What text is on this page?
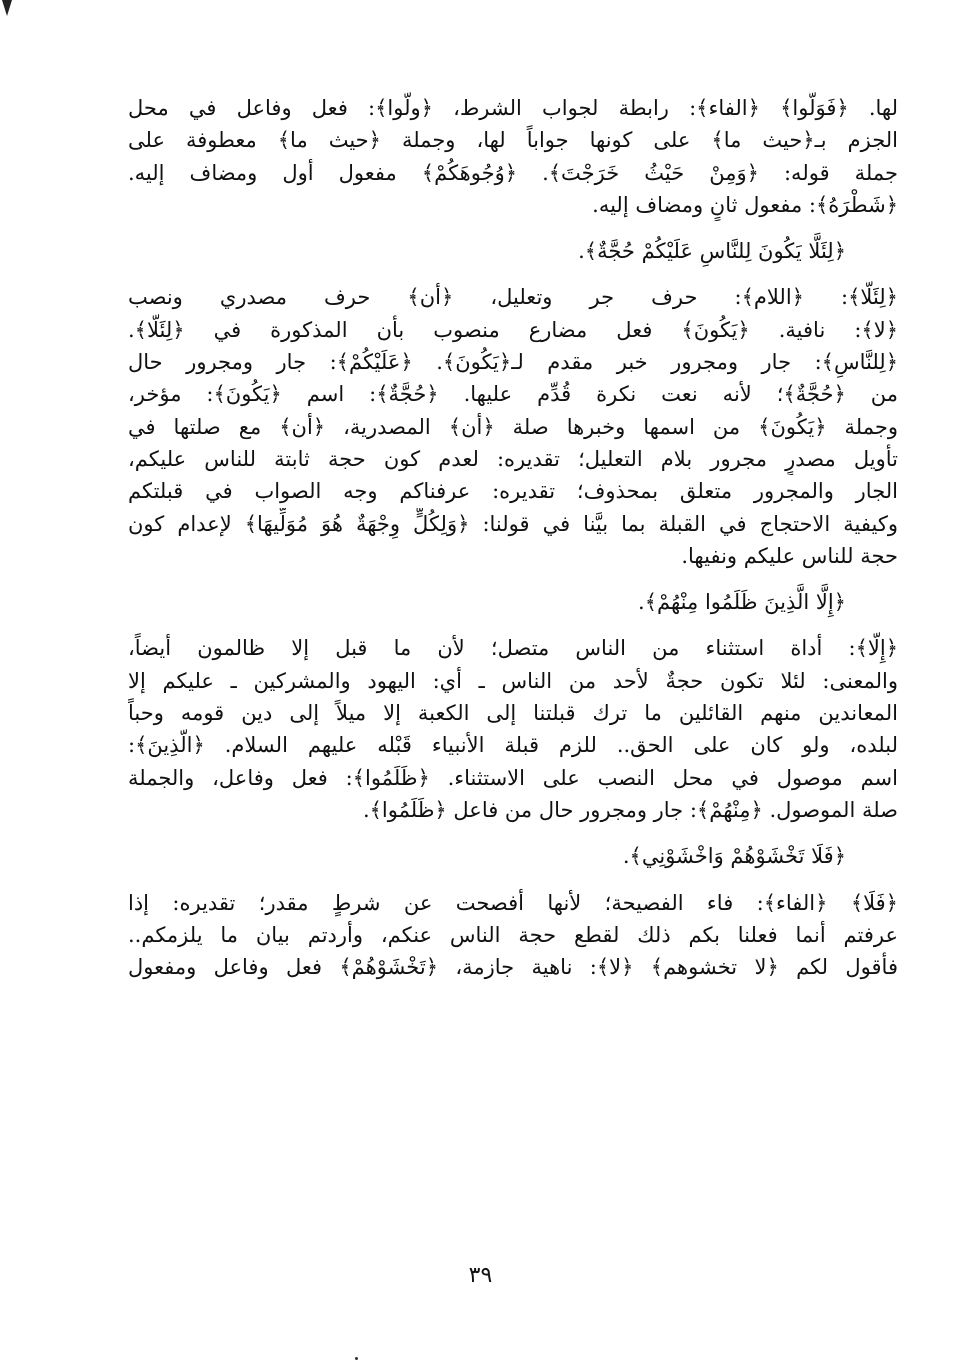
لها. ﴿فَوَلُّوا﴾ ﴿الفاء﴾: رابطة لجواب الشرط، ﴿ولُّوا﴾: فعل وفاعل في محل
الجزم بـ﴿حيث ما﴾ على كونها جواباً لها، وجملة ﴿حيث ما﴾ معطوفة على
جملة قوله: ﴿وَمِنْ حَيْثُ خَرَجْتَ﴾. ﴿وُجُوهَكُمْ﴾ مفعول أول ومضاف إليه.
﴿شَطْرَهُ﴾: مفعول ثانٍ ومضاف إليه.
﴿لِئَلَّا يَكُونَ لِلنَّاسِ عَلَيْكُمْ حُجَّةٌ﴾.
﴿لِئَلَّا﴾: ﴿اللام﴾: حرف جر وتعليل، ﴿أن﴾ حرف مصدري ونصب
﴿لا﴾: نافية. ﴿يَكُونَ﴾ فعل مضارع منصوب بأن المذكورة في ﴿لِئَلَّا﴾.
﴿لِلنَّاسِ﴾: جار ومجرور خبر مقدم لـ﴿يَكُونَ﴾. ﴿عَلَيْكُمْ﴾: جار ومجرور حال
من ﴿حُجَّةٌ﴾؛ لأنه نعت نكرة قُدِّم عليها. ﴿حُجَّةٌ﴾: اسم ﴿يَكُونَ﴾: مؤخر،
وجملة ﴿يَكُونَ﴾ من اسمها وخبرها صلة ﴿أن﴾ المصدرية، ﴿أن﴾ مع صلتها في
تأويل مصدرٍ مجرور بلام التعليل؛ تقديره: لعدم كون حجة ثابتة للناس عليكم،
الجار والمجرور متعلق بمحذوف؛ تقديره: عرفناكم وجه الصواب في قبلتكم
وكيفية الاحتجاج في القبلة بما بيَّنا في قولنا: ﴿وَلِكُلٍّ وِجْهَةٌ هُوَ مُوَلِّيهَا﴾ لإعدام كون
حجة للناس عليكم ونفيها.
﴿إِلَّا الَّذِينَ ظَلَمُوا مِنْهُمْ﴾.
﴿إِلَّا﴾: أداة استثناء من الناس متصل؛ لأن ما قبل إلا ظالمون أيضاً،
والمعنى: لئلا تكون حجةٌ لأحد من الناس ـ أي: اليهود والمشركين ـ عليكم إلا
المعاندين منهم القائلين ما ترك قبلتنا إلى الكعبة إلا ميلاً إلى دين قومه وحباً
لبلده، ولو كان على الحق.. للزم قبلة الأنبياء قَبْله عليهم السلام. ﴿الَّذِينَ﴾:
اسم موصول في محل النصب على الاستثناء. ﴿ظَلَمُوا﴾: فعل وفاعل، والجملة
صلة الموصول. ﴿مِنْهُمْ﴾: جار ومجرور حال من فاعل ﴿ظَلَمُوا﴾.
﴿فَلَا تَخْشَوْهُمْ وَاخْشَوْنِي﴾.
﴿فَلَا﴾ ﴿الفاء﴾: فاء الفصيحة؛ لأنها أفصحت عن شرطٍ مقدر؛ تقديره: إذا
عرفتم أنما فعلنا بكم ذلك لقطع حجة الناس عنكم، وأردتم بيان ما يلزمكم..
فأقول لكم ﴿لا تخشوهم﴾ ﴿لا﴾: ناهية جازمة، ﴿تَخْشَوْهُمْ﴾ فعل وفاعل ومفعول
٣٩
